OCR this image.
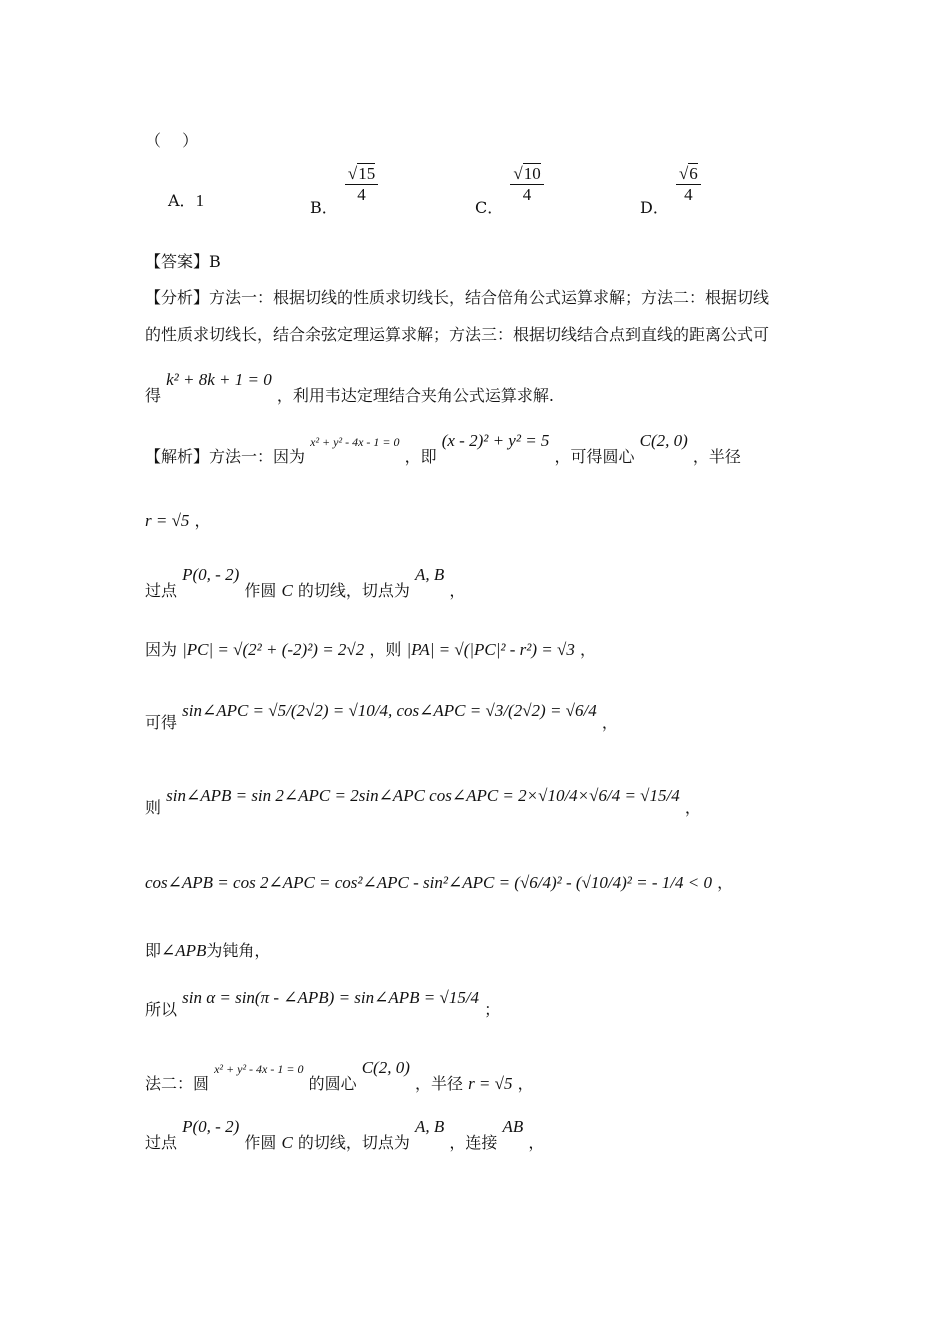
（　 ）
A．1	B．
$\frac{√15}{4}$
C．
$\frac{√10}{4}$
D．
$\frac{√6}{4}$
【答案】B
【分析】方法一：根据切线的性质求切线长，结合倍角公式运算求解；方法二：根据切线
的性质求切线长，结合余弦定理运算求解；方法三：根据切线结合点到直线的距离公式可
得 k² + 8k + 1 = 0 ，利用韦达定理结合夹角公式运算求解.
【解析】方法一：因为 $^{x^2 + y^2 - 4x - 1 = 0}$ ，即 (x - 2)² + y² = 5 ，可得圆心 C(2, 0) ，半径
r = √5 ，
过点 P(0, - 2) 作圆 C 的切线，切点为 A, B ，
因为 |PC| = √(2² + (-2)²) = 2√2 ，则 |PA| = √(|PC|² - r²) = √3 ，
可得 sin∠APC = √5/(2√2) = √10/4, cos∠APC = √3/(2√2) = √6/4 ，
则 sin∠APB = sin 2∠APC = 2sin∠APC cos∠APC = 2×√10/4×√6/4 = √15/4 ，
cos∠APB = cos 2∠APC = cos²∠APC - sin²∠APC = (√6/4)² - (√10/4)² = - 1/4 < 0 ，
即∠APB为钝角，
所以 sin α = sin(π - ∠APB) = sin∠APB = √15/4 ；
法二：圆 $^{x^2 + y^2 - 4x - 1 = 0}$ 的圆心 C(2, 0) ，半径 r = √5 ，
过点 P(0, - 2) 作圆 C 的切线，切点为 A, B ，连接 AB ，
